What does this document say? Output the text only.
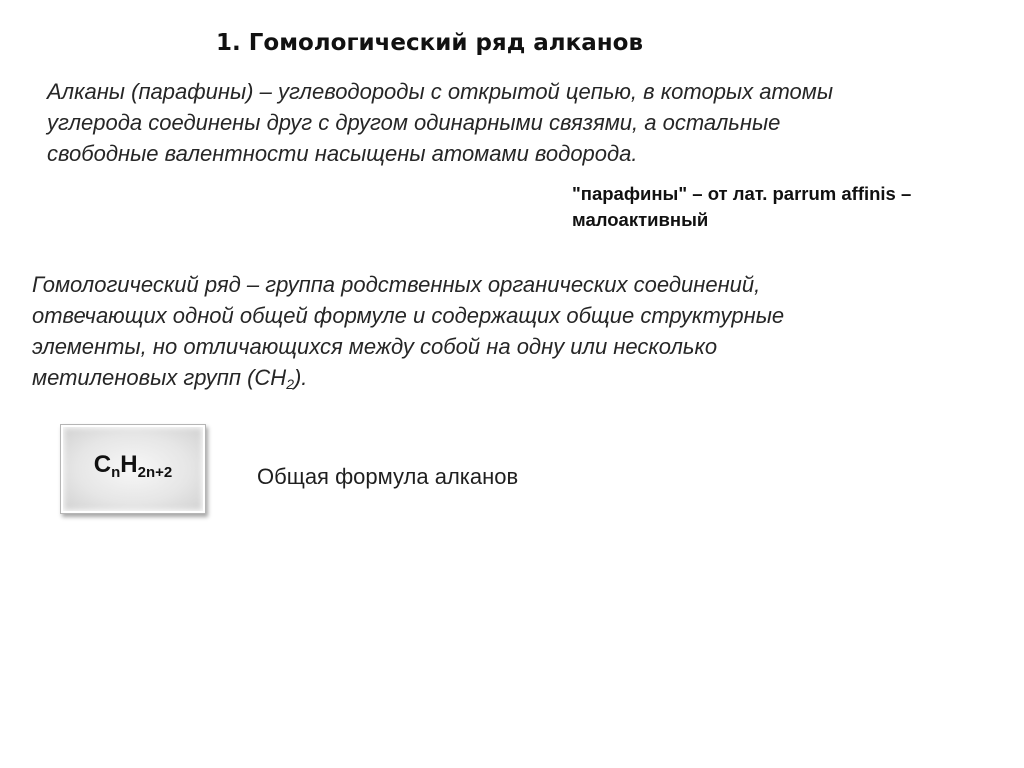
1. Гомологический ряд алканов
Алканы (парафины) – углеводороды с открытой цепью, в которых атомы
углерода соединены друг с другом одинарными связями, а остальные
свободные валентности насыщены атомами водорода.
"парафины" – от лат. parrum affinis –
малоактивный
Гомологический ряд – группа родственных органических соединений,
отвечающих одной общей формуле и содержащих общие структурные
элементы, но отличающихся между собой на одну или несколько
метиленовых групп $(CH_2)$.
$C_nH_{2n+2}$	Общая формула алканов
